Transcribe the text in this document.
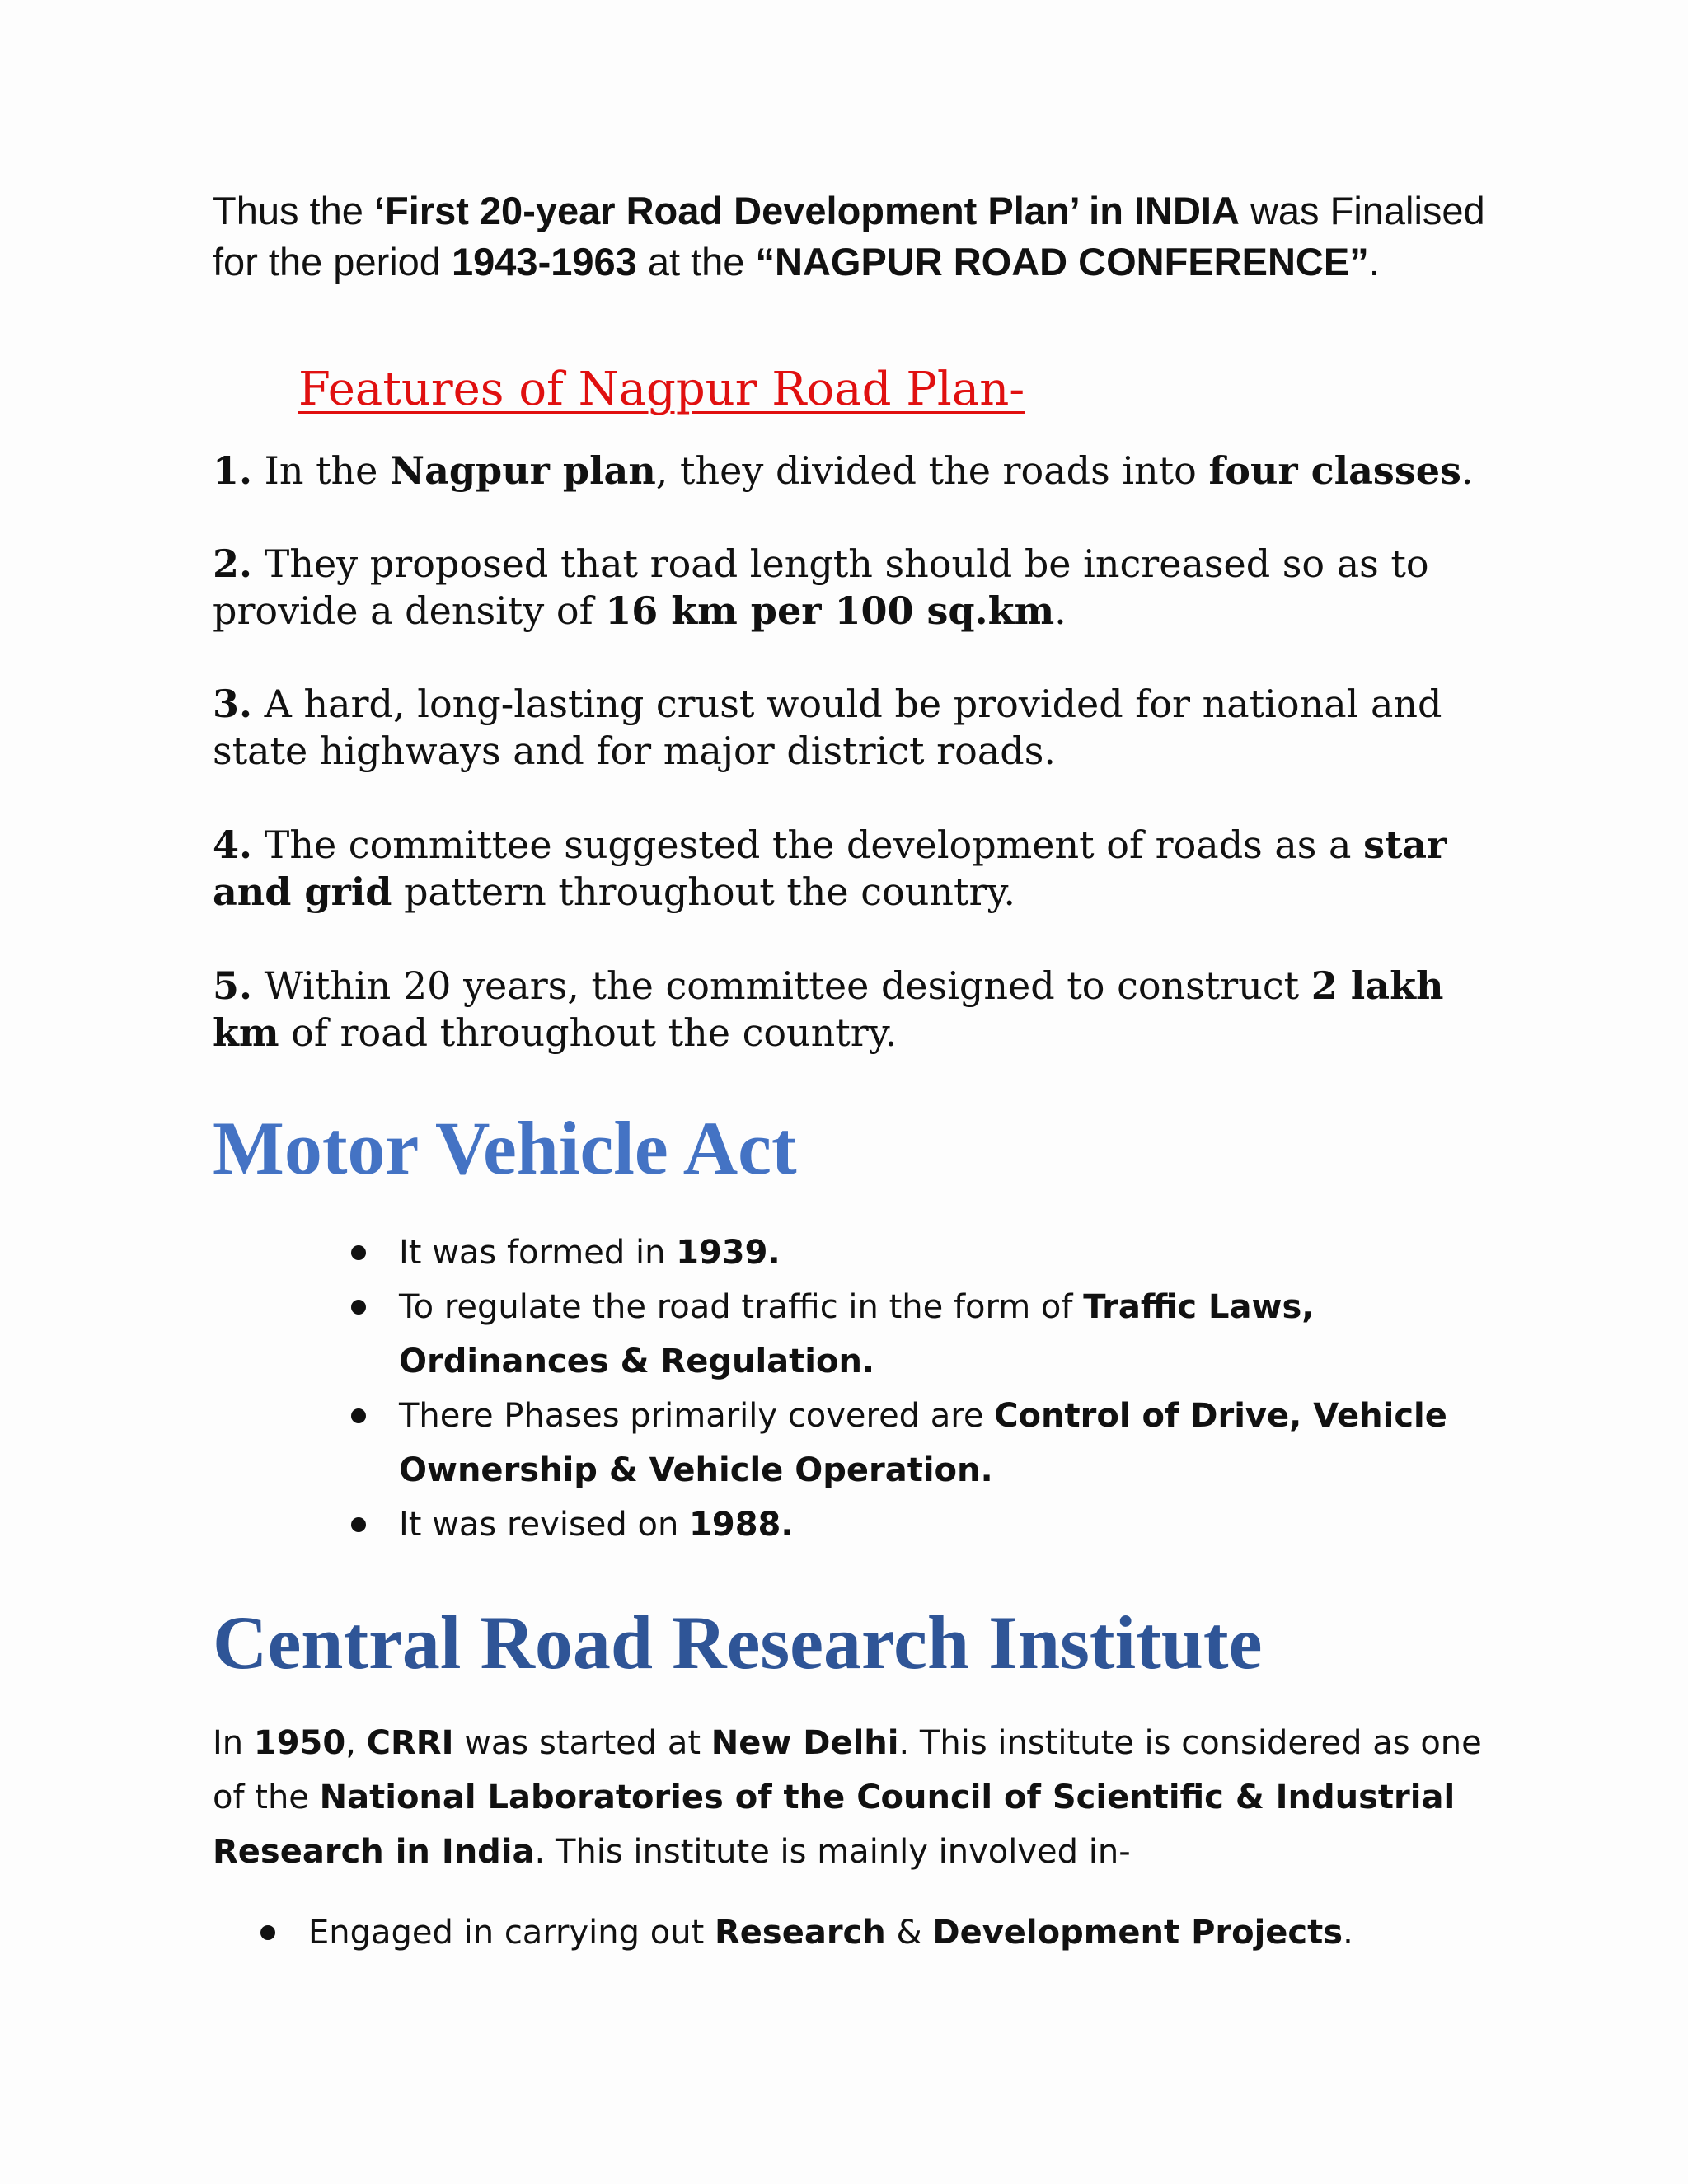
Thus the ‘First 20-year Road Development Plan’ in INDIA was Finalised for the period 1943-1963 at the “NAGPUR ROAD CONFERENCE”.
Features of Nagpur Road Plan-
1. In the Nagpur plan, they divided the roads into four classes.
2. They proposed that road length should be increased so as to provide a density of 16 km per 100 sq.km.
3. A hard, long-lasting crust would be provided for national and state highways and for major district roads.
4. The committee suggested the development of roads as a star and grid pattern throughout the country.
5. Within 20 years, the committee designed to construct 2 lakh km of road throughout the country.
Motor Vehicle Act
It was formed in 1939.
To regulate the road traffic in the form of Traffic Laws, Ordinances & Regulation.
There Phases primarily covered are Control of Drive, Vehicle Ownership & Vehicle Operation.
It was revised on 1988.
Central Road Research Institute
In 1950, CRRI was started at New Delhi. This institute is considered as one of the National Laboratories of the Council of Scientific & Industrial Research in India. This institute is mainly involved in-
Engaged in carrying out Research & Development Projects.
